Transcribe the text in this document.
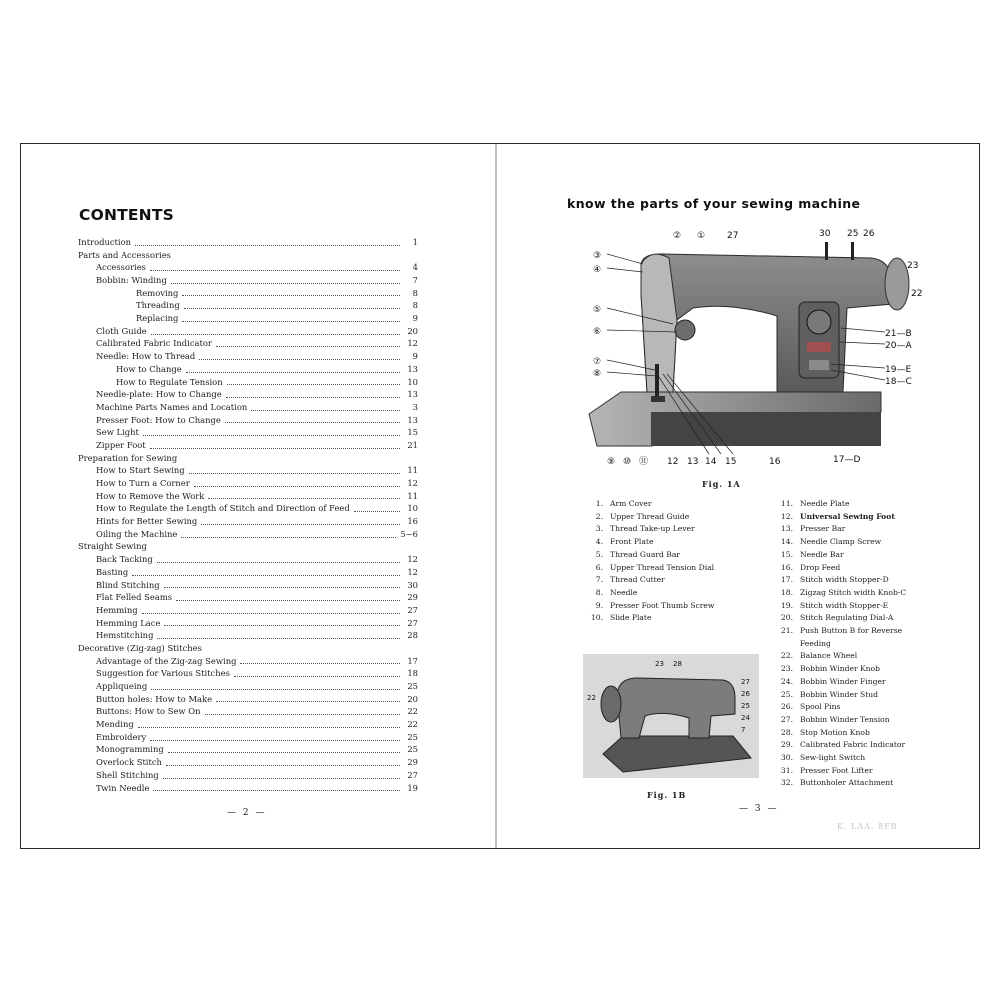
CONTENTS
Introduction	1
Parts and Accessories
Accessories	4
Bobbin: Winding	7
Removing	8
Threading	8
Replacing	9
Cloth Guide	20
Calibrated Fabric Indicator	12
Needle: How to Thread	9
How to Change	13
How to Regulate Tension	10
Needle-plate: How to Change	13
Machine Parts Names and Location	3
Presser Foot: How to Change	13
Sew Light	15
Zipper Foot	21
Preparation for Sewing
How to Start Sewing	11
How to Turn a Corner	12
How to Remove the Work	11
How to Regulate the Length of Stitch and Direction of Feed	10
Hints for Better Sewing	16
Oiling the Machine	5~6
Straight Sewing
Back Tacking	12
Basting	12
Blind Stitching	30
Flat Felled Seams	29
Hemming	27
Hemming Lace	27
Hemstitching	28
Decorative (Zig-zag) Stitches
Advantage of the Zig-zag Sewing	17
Suggestion for Various Stitches	18
Appliqueing	25
Button holes: How to Make	20
Buttons: How to Sew On	22
Mending	22
Embroidery	25
Monogramming	25
Overlock Stitch	29
Shell Stitching	27
Twin Needle	19
— 2 —
know the parts of your sewing machine
② ① 27
③
④
⑤
⑥
⑦
⑧
30 25 26
23
22
21—B
20—A
19—E
18—C
17—D
⑨ ⑩ ⑪ 12 13 14 15	16
Fig. 1A
1. Arm Cover
2. Upper Thread Guide
3. Thread Take-up Lever
4. Front Plate
5. Thread Guard Bar
6. Upper Thread Tension Dial
7. Thread Cutter
8. Needle
9. Presser Foot Thumb Screw
10. Slide Plate
11. Needle Plate
12. Universal Sewing Foot
13. Presser Bar
14. Needle Clamp Screw
15. Needle Bar
16. Drop Feed
17. Stitch width Stopper-D
18. Zigzag Stitch width Knob-C
19. Stitch width Stopper-E
20. Stitch Regulating Dial-A
21. Push Button B for Reverse
Feeding
22. Balance Wheel
23. Bobbin Winder Knob
24. Bobbin Winder Finger
25. Bobbin Winder Stud
26. Spool Pins
27. Bobbin Winder Tension
28. Stop Motion Knob
29. Calibrated Fabric Indicator
30. Sew-light Switch
31. Presser Foot Lifter
32. Buttonholer Attachment
23 28
27
26
25
24
7
22
Fig. 1B
— 3 —
K. LAA. 8FB
